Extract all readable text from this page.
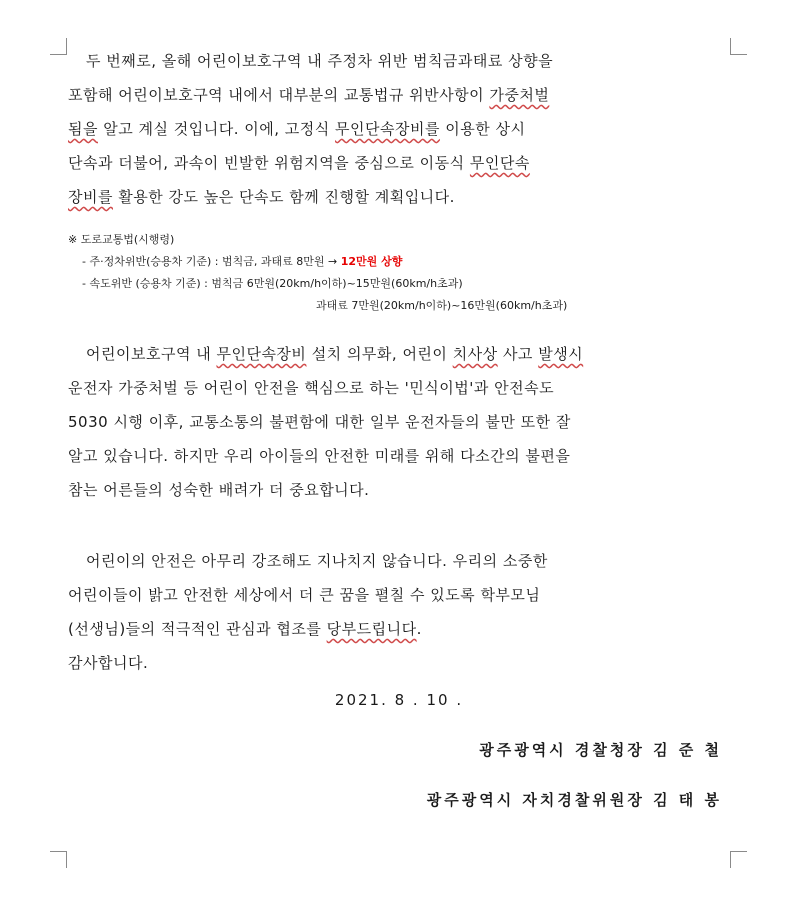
두 번째로, 올해 어린이보호구역 내 주정차 위반 범칙금과태료 상향을
포함해 어린이보호구역 내에서 대부분의 교통법규 위반사항이 가중처벌
됨을 알고 계실 것입니다. 이에, 고정식 무인단속장비를 이용한 상시
단속과 더불어, 과속이 빈발한 위험지역을 중심으로 이동식 무인단속
장비를 활용한 강도 높은 단속도 함께 진행할 계획입니다.
※ 도로교통법(시행령)
- 주·정차위반(승용차 기준) : 범칙금, 과태료 8만원 → 12만원 상향
- 속도위반 (승용차 기준) : 범칙금 6만원(20km/h이하)~15만원(60km/h초과)
과태료 7만원(20km/h이하)~16만원(60km/h초과)
어린이보호구역 내 무인단속장비 설치 의무화, 어린이 치사상 사고 발생시
운전자 가중처벌 등 어린이 안전을 핵심으로 하는 '민식이법'과 안전속도
5030 시행 이후, 교통소통의 불편함에 대한 일부 운전자들의 불만 또한 잘
알고 있습니다. 하지만 우리 아이들의 안전한 미래를 위해 다소간의 불편을
참는 어른들의 성숙한 배려가 더 중요합니다.
어린이의 안전은 아무리 강조해도 지나치지 않습니다. 우리의 소중한
어린이들이 밝고 안전한 세상에서 더 큰 꿈을 펼칠 수 있도록 학부모님
(선생님)들의 적극적인 관심과 협조를 당부드립니다.
감사합니다.
2021. 8 . 10 .
광주광역시 경찰청장 김 준 철
광주광역시 자치경찰위원장 김 태 봉
